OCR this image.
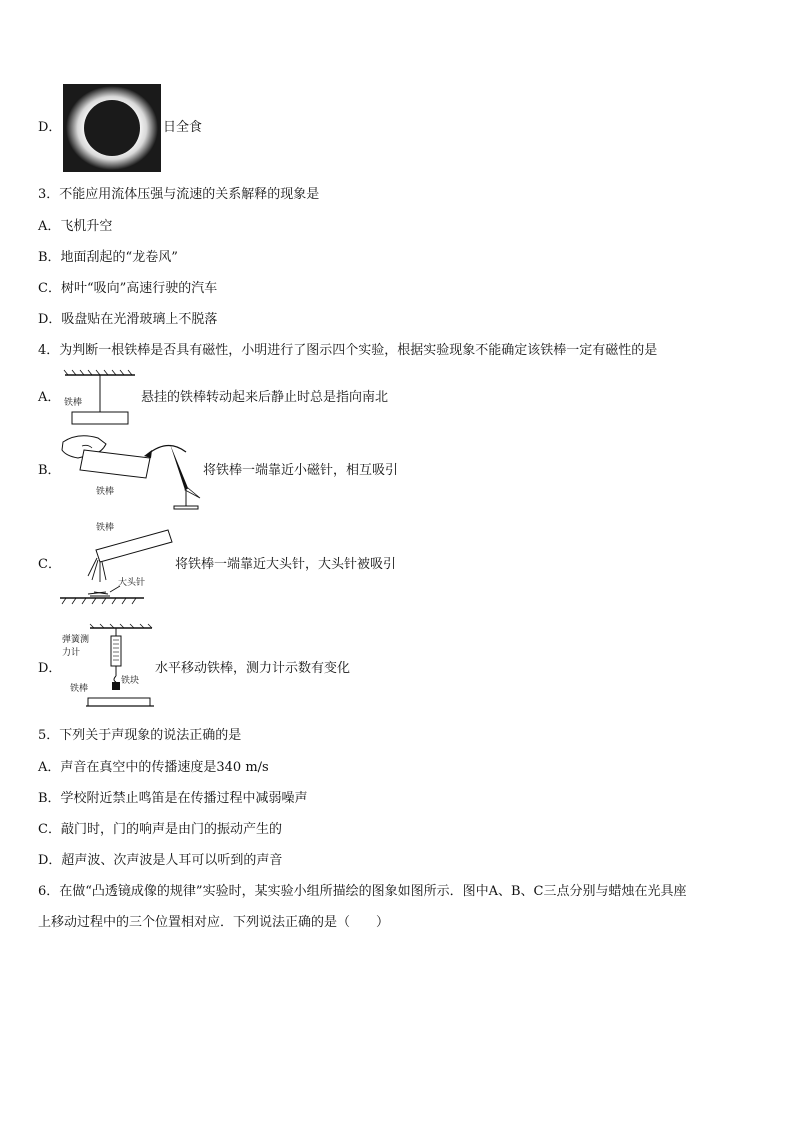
D．	日全食
3．不能应用流体压强与流速的关系解释的现象是
A．飞机升空
B．地面刮起的“龙卷风”
C．树叶“吸向”高速行驶的汽车
D．吸盘贴在光滑玻璃上不脱落
4．为判断一根铁棒是否具有磁性，小明进行了图示四个实验，根据实验现象不能确定该铁棒一定有磁性的是
A． 铁棒	悬挂的铁棒转动起来后静止时总是指向南北
B．
铁棒
将铁棒一端靠近小磁针，相互吸引
C．
铁棒
大头针
将铁棒一端靠近大头针，大头针被吸引
D．
弹簧测
力计
铁块
铁棒
水平移动铁棒，测力计示数有变化
5．下列关于声现象的说法正确的是
A．声音在真空中的传播速度是340 m/s
B．学校附近禁止鸣笛是在传播过程中减弱噪声
C．敲门时，门的响声是由门的振动产生的
D．超声波、次声波是人耳可以听到的声音
6．在做“凸透镜成像的规律”实验时，某实验小组所描绘的图象如图所示．图中A、B、C三点分别与蜡烛在光具座
上移动过程中的三个位置相对应．下列说法正确的是（　　）
